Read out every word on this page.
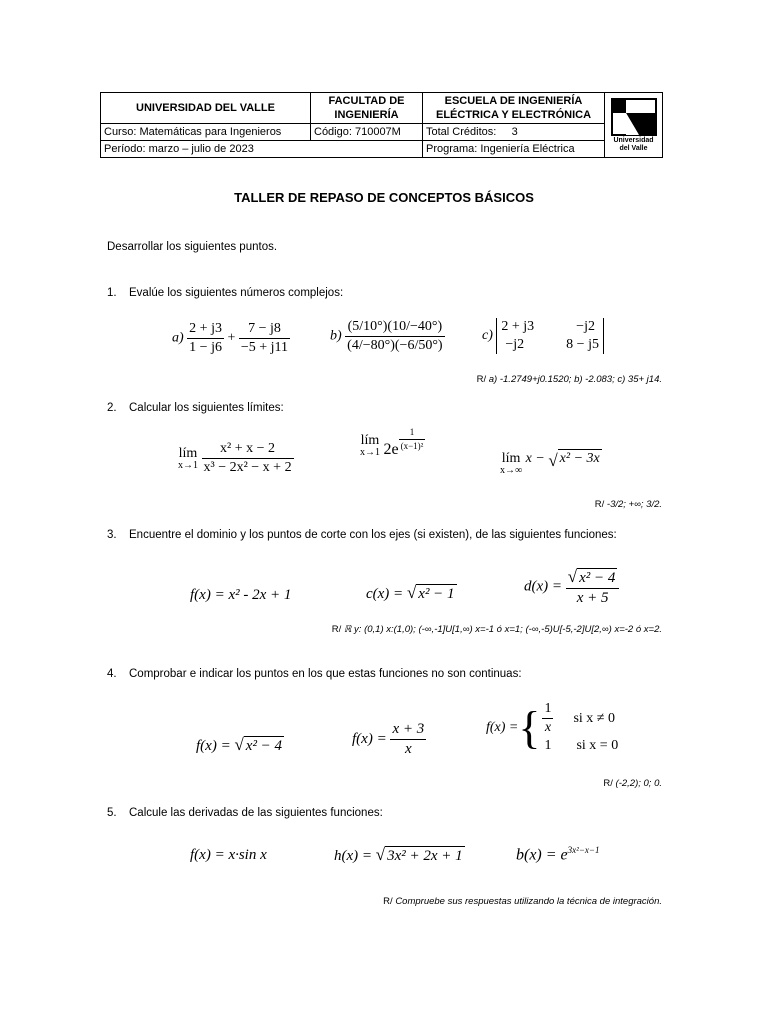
UNIVERSIDAD DEL VALLE	FACULTAD DE INGENIERÍA	ESCUELA DE INGENIERÍA ELÉCTRICA Y ELECTRÓNICA	Universidad
del Valle

Curso: Matemáticas para Ingenieros	Código: 710007M	Total Créditos:     3	
Período: marzo – julio de 2023		Programa: Ingeniería Eléctrica	
TALLER DE REPASO DE CONCEPTOS BÁSICOS
Desarrollar los siguientes puntos.
1. Evalúe los siguientes números complejos:
$a) \frac{2 + j3}{1 - j6} + \frac{7 - j8}{-5 + j11}$	$b) \frac{(5/10^\circ)(10/-40^\circ)}{(4/-80^\circ)(-6/50^\circ)}$	c)
2 + j3            −j2
−j2            8 − j5
R/ a) -1.2749+j0.1520; b) -2.083; c) 35+ j14.
2. Calcular los siguientes límites:
lím
x→1
$\frac{\text{x² + x − 2}}{\text{x³ − 2x² − x + 2}}$
lím
x→1 $2e \frac{1}{\text{(x−1)²}}$
lím
x→∞
x − √ x² − 3x
R/ -3/2; +∞; 3/2.
3. Encuentre el dominio y los puntos de corte con los ejes (si existen), de las siguientes funciones:
f(x) = x² - 2x + 1	c(x) = √ x² − 1	$d(x) = \frac{\text{√ x² − 4}}{x + 5}$
R/ ℝ y: (0,1) x:(1,0); (-∞,-1]U[1,∞) x=-1 ó x=1; (-∞,-5)U[-5,-2]U[2,∞) x=-2 ó x=2.
4. Comprobar e indicar los puntos en los que estas funciones no son continuas:
f(x) = √ x² − 4	$f(x) = \frac{x + 3}{x}$	f(x) ={ $\frac{1}{x}$ si x ≠ 0
1 si x = 0
R/ (-2,2); 0; 0.
5. Calcule las derivadas de las siguientes funciones:
f(x) = x·sin x	h(x) = √ 3x² + 2x + 1	$b(x) = e^{3x^2-x-1}$
R/ Compruebe sus respuestas utilizando la técnica de integración.
